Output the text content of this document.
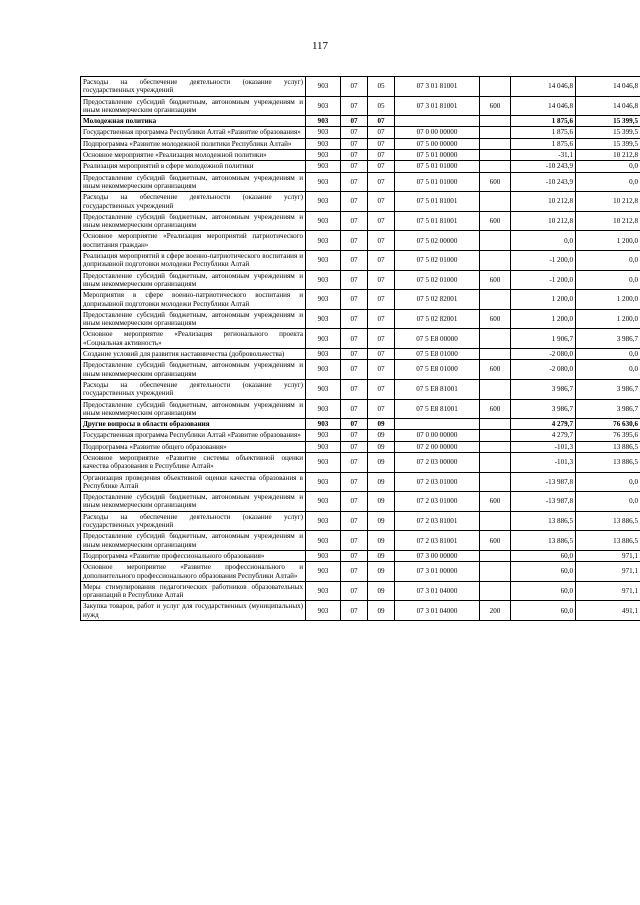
117
Расходы на обеспечение деятельности (оказание услуг) государственных учреждений	903	07	05	07 3 01 81001		14 046,8	14 046,8
Предоставление субсидий бюджетным, автономным учреждениям и иным некоммерческим организациям	903	07	05	07 3 01 81001	600	14 046,8	14 046,8
Молодежная политика	903	07	07			1 875,6	15 399,5
Государственная программа Республики Алтай «Развитие образования»	903	07	07	07 0 00 00000		1 875,6	15 399,5
Подпрограмма «Развитие молодежной политики Республики Алтай»	903	07	07	07 5 00 00000		1 875,6	15 399,5
Основное мероприятие «Реализация молодежной политики»	903	07	07	07 5 01 00000		-31,1	10 212,8
Реализация мероприятий в сфере молодежной политики	903	07	07	07 5 01 01000		-10 243,9	0,0
Предоставление субсидий бюджетным, автономным учреждениям и иным некоммерческим организациям	903	07	07	07 5 01 01000	600	-10 243,9	0,0
Расходы на обеспечение деятельности (оказание услуг) государственных учреждений	903	07	07	07 5 01 81001		10 212,8	10 212,8
Предоставление субсидий бюджетным, автономным учреждениям и иным некоммерческим организациям	903	07	07	07 5 01 81001	600	10 212,8	10 212,8
Основное мероприятие «Реализация мероприятий патриотического воспитания граждан»	903	07	07	07 5 02 00000		0,0	1 200,0
Реализация мероприятий в сфере военно-патриотического воспитания и допризывной подготовки молодежи Республики Алтай	903	07	07	07 5 02 01000		-1 200,0	0,0
Предоставление субсидий бюджетным, автономным учреждениям и иным некоммерческим организациям	903	07	07	07 5 02 01000	600	-1 200,0	0,0
Мероприятия в сфере военно-патриотического воспитания и допризывной подготовки молодежи Республики Алтай	903	07	07	07 5 02 82001		1 200,0	1 200,0
Предоставление субсидий бюджетным, автономным учреждениям и иным некоммерческим организациям	903	07	07	07 5 02 82001	600	1 200,0	1 200,0
Основное мероприятие «Реализация регионального проекта «Социальная активность»	903	07	07	07 5 E8 00000		1 906,7	3 986,7
Создание условий для развития наставничества (добровольчества)	903	07	07	07 5 E8 01000		-2 080,0	0,0
Предоставление субсидий бюджетным, автономным учреждениям и иным некоммерческим организациям	903	07	07	07 5 E8 01000	600	-2 080,0	0,0
Расходы на обеспечение деятельности (оказание услуг) государственных учреждений	903	07	07	07 5 E8 81001		3 986,7	3 986,7
Предоставление субсидий бюджетным, автономным учреждениям и иным некоммерческим организациям	903	07	07	07 5 E8 81001	600	3 986,7	3 986,7
Другие вопросы в области образования	903	07	09			4 279,7	76 630,6
Государственная программа Республики Алтай «Развитие образования»	903	07	09	07 0 00 00000		4 279,7	76 395,6
Подпрограмма «Развитие общего образования»	903	07	09	07 2 00 00000		-101,3	13 886,5
Основное мероприятие «Развитие системы объективной оценки качества образования в Республике Алтай»	903	07	09	07 2 03 00000		-101,3	13 886,5
Организация проведения объективной оценки качества образования в Республике Алтай	903	07	09	07 2 03 01000		-13 987,8	0,0
Предоставление субсидий бюджетным, автономным учреждениям и иным некоммерческим организациям	903	07	09	07 2 03 01000	600	-13 987,8	0,0
Расходы на обеспечение деятельности (оказание услуг) государственных учреждений	903	07	09	07 2 03 81001		13 886,5	13 886,5
Предоставление субсидий бюджетным, автономным учреждениям и иным некоммерческим организациям	903	07	09	07 2 03 81001	600	13 886,5	13 886,5
Подпрограмма «Развитие профессионального образования»	903	07	09	07 3 00 00000		60,0	971,1
Основное мероприятие «Развитие профессионального и дополнительного профессионального образования Республики Алтай»	903	07	09	07 3 01 00000		60,0	971,1
Меры стимулирования педагогических работников образовательных организаций в Республике Алтай	903	07	09	07 3 01 04000		60,0	971,1
Закупка товаров, работ и услуг для государственных (муниципальных) нужд	903	07	09	07 3 01 04000	200	60,0	491,1
